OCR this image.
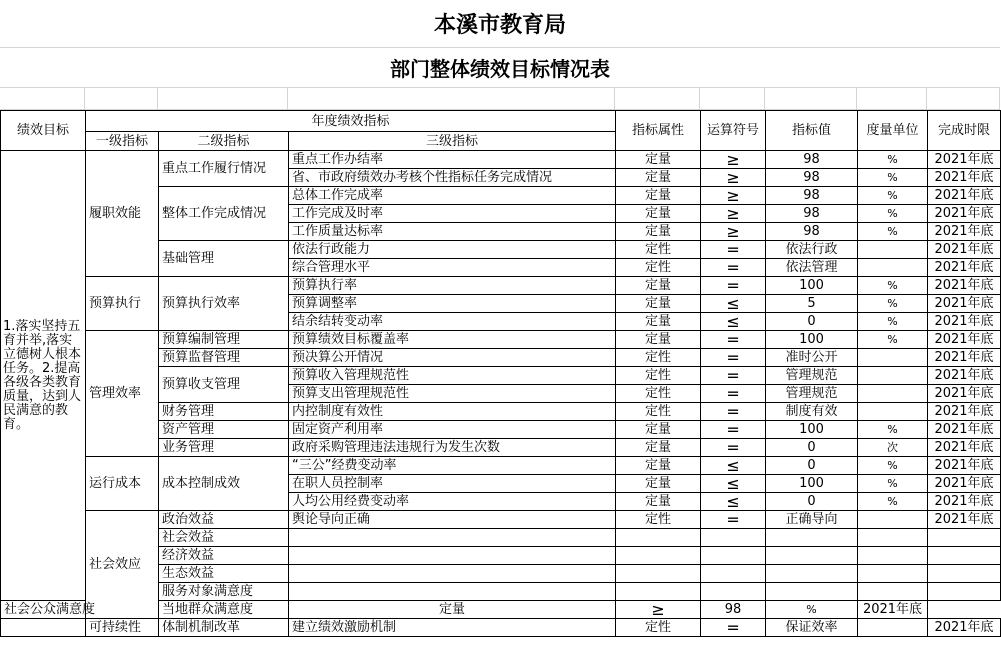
本溪市教育局
部门整体绩效目标情况表
绩效目标	年度绩效指标			指标属性	运算符号	指标值	度量单位	完成时限
	一级指标	二级指标	三级指标					
1.落实坚持五育并举,落实立德树人根本任务。2.提高各级各类教育质量，达到人民满意的教育。	履职效能	重点工作履行情况	重点工作办结率	定量	≥	98	%	2021年底
			省、市政府绩效办考核个性指标任务完成情况	定量	≥	98	%	2021年底
		整体工作完成情况	总体工作完成率	定量	≥	98	%	2021年底
			工作完成及时率	定量	≥	98	%	2021年底
			工作质量达标率	定量	≥	98	%	2021年底
		基础管理	依法行政能力	定性	=	依法行政		2021年底
			综合管理水平	定性	=	依法管理		2021年底
	预算执行	预算执行效率	预算执行率	定量	=	100	%	2021年底
			预算调整率	定量	≤	5	%	2021年底
			结余结转变动率	定量	≤	0	%	2021年底
	管理效率	预算编制管理	预算绩效目标覆盖率	定量	=	100	%	2021年底
		预算监督管理	预决算公开情况	定性	=	准时公开		2021年底
		预算收支管理	预算收入管理规范性	定性	=	管理规范		2021年底
			预算支出管理规范性	定性	=	管理规范		2021年底
		财务管理	内控制度有效性	定性	=	制度有效		2021年底
		资产管理	固定资产利用率	定量	=	100	%	2021年底
		业务管理	政府采购管理违法违规行为发生次数	定量	=	0	次	2021年底
	运行成本	成本控制成效	“三公”经费变动率	定量	≤	0	%	2021年底
			在职人员控制率	定量	≤	100	%	2021年底
			人均公用经费变动率	定量	≤	0	%	2021年底
	社会效应	政治效益	舆论导向正确	定性	=	正确导向		2021年底
		社会效益						
		经济效益						
		生态效益						
		服务对象满意度						
社会公众满意度		当地群众满意度	定量	≥	98	%	2021年底	
	可持续性	体制机制改革	建立绩效激励机制	定性	=	保证效率		2021年底
